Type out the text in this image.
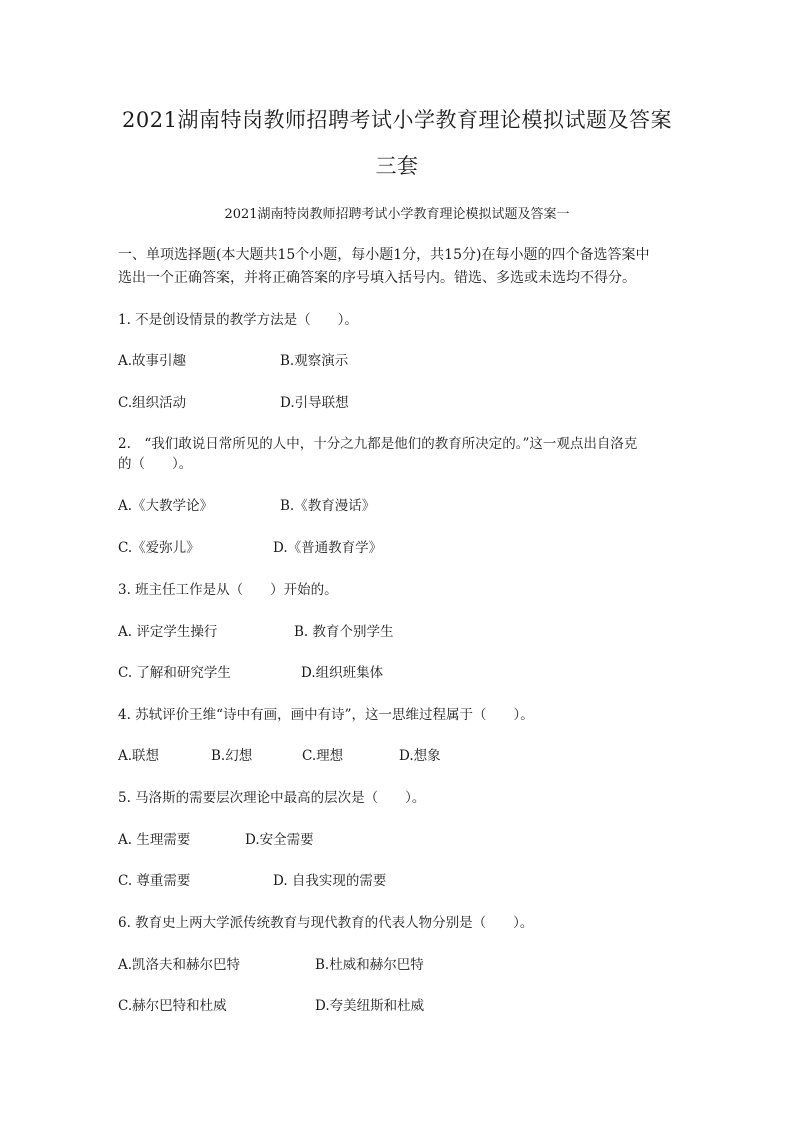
2021湖南特岗教师招聘考试小学教育理论模拟试题及答案
三套
2021湖南特岗教师招聘考试小学教育理论模拟试题及答案一
一、单项选择题(本大题共15个小题，每小题1分，共15分)在每小题的四个备选答案中
选出一个正确答案，并将正确答案的序号填入括号内。错选、多选或未选均不得分。
1. 不是创设情景的教学方法是（　　）。
A.故事引趣	B.观察演示
C.组织活动	D.引导联想
2.　“我们敢说日常所见的人中，十分之九都是他们的教育所决定的。”这一观点出自洛克
的（　　）。
A.《大教学论》	B.《教育漫话》
C.《爱弥儿》	D.《普通教育学》
3. 班主任工作是从（　　）开始的。
A. 评定学生操行	B. 教育个别学生
C. 了解和研究学生	D.组织班集体
4. 苏轼评价王维“诗中有画，画中有诗”，这一思维过程属于（　　）。
A.联想	B.幻想	C.理想	D.想象
5. 马洛斯的需要层次理论中最高的层次是（　　）。
A. 生理需要	D.安全需要
C. 尊重需要	D. 自我实现的需要
6. 教育史上两大学派传统教育与现代教育的代表人物分别是（　　）。
A.凯洛夫和赫尔巴特	B.杜威和赫尔巴特
C.赫尔巴特和杜威	D.夸美纽斯和杜威
